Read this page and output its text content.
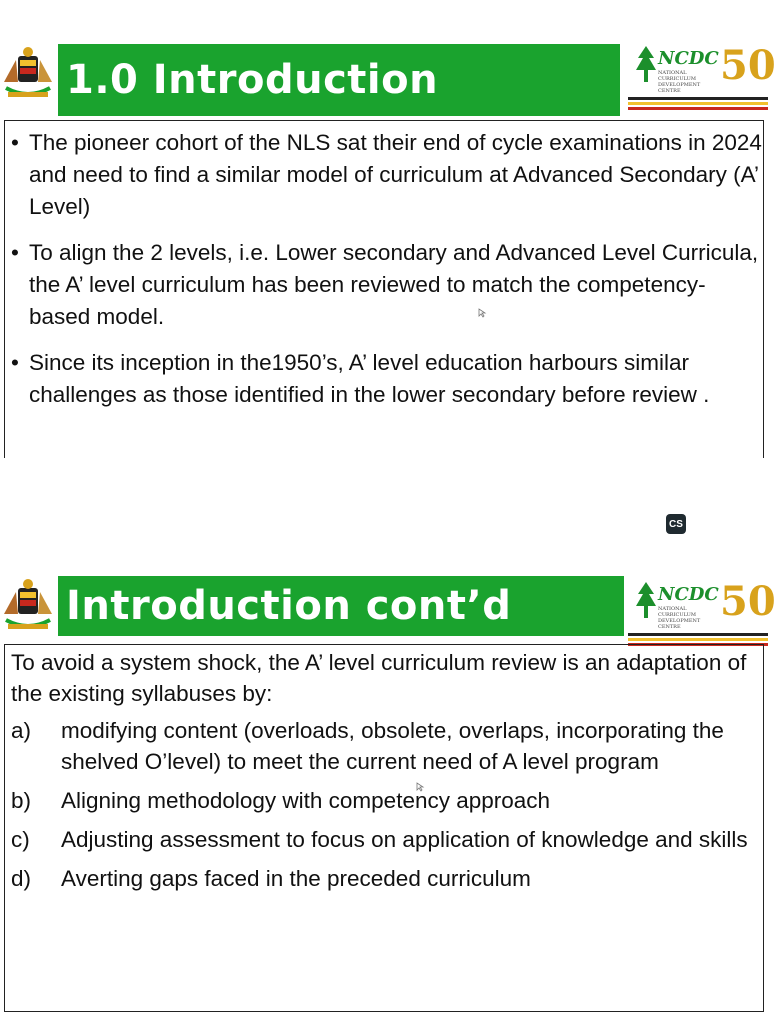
1.0 Introduction	NCDC
NATIONAL CURRICULUM DEVELOPMENT CENTRE
50
• The pioneer cohort of the NLS sat their end of cycle examinations in 2024 and need to find a similar model of curriculum at Advanced Secondary (A’ Level)
• To align the 2 levels, i.e. Lower secondary and Advanced Level Curricula, the A’ level curriculum has been reviewed to match the competency-based model.
• Since its inception in the1950’s, A’ level education harbours similar challenges as those identified in the lower secondary before review .
CS
Introduction cont’d	NCDC
NATIONAL CURRICULUM DEVELOPMENT CENTRE
50
To avoid a system shock, the A’ level curriculum review is an adaptation of the existing syllabuses by:
a) modifying content (overloads, obsolete, overlaps, incorporating the shelved O’level) to meet the current need of A level program
b) Aligning methodology with competency approach
c) Adjusting assessment to focus on application of knowledge and skills
d) Averting gaps faced in the preceded curriculum
